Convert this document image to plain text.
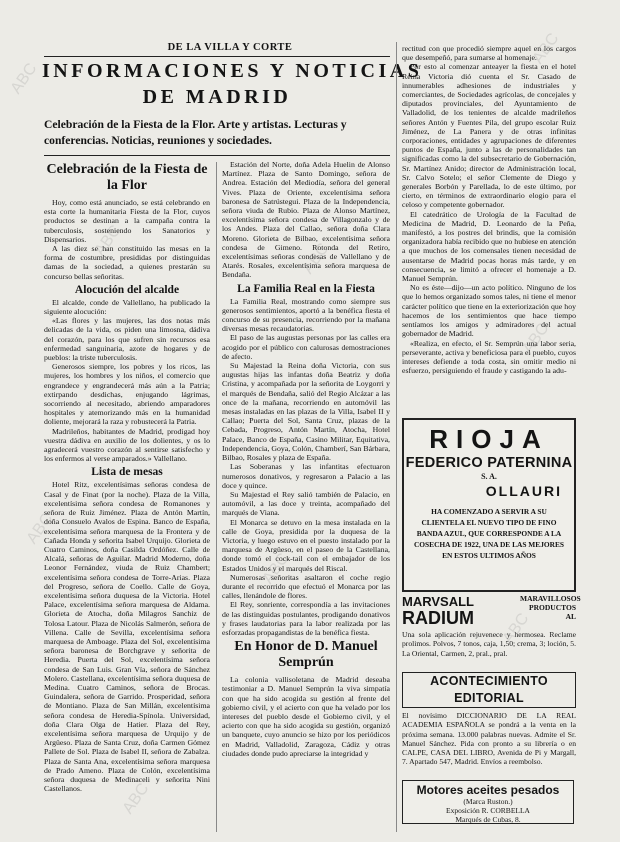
DE LA VILLA Y CORTE
INFORMACIONES Y NOTICIAS
DE MADRID
Celebración de la Fiesta de la Flor. Arte y artistas. Lecturas y conferencias. Noticias, reuniones y sociedades.
Celebración de la Fiesta de la Flor

Hoy, como está anunciado, se está celebrando en esta corte la humanitaria Fiesta de la Flor, cuyos productos se destinan a la campaña contra la tuberculosis, sosteniendo los Sanatorios y Dispensarios.

A las diez se han constituido las mesas en la forma de costumbre, presididas por distinguidas damas de la sociedad, a quienes prestarán su concurso bellas señoritas.

Alocución del alcalde

El alcalde, conde de Vallellano, ha publicado la siguiente alocución:

«Las flores y las mujeres, las dos notas más delicadas de la vida, os piden una limosna, dádiva del corazón, para los que sufren sin recursos esa enfermedad sanguinaria, azote de hogares y de pueblos: la triste tuberculosis.

Generosos siempre, los pobres y los ricos, las mujeres, los hombres y los niños, el comercio que engrandece y engrandecerá más aún a la Patria; extirpando desdichas, enjugando lágrimas, socorriendo al necesitado, abriendo amparadores hospitales y atemorizando más en la humanidad doliente, mejorará la raza y robustecerá la Patria.

Madrileños, habitantes de Madrid, prodigad hoy vuestra dádiva en auxilio de los dolientes, y os lo agradecerá vuestro corazón al sentirse satisfecho y los enfermos al verse amparados.» Vallellano.

Lista de mesas

Hotel Ritz, excelentísimas señoras condesa de Casal y de Finat (por la noche). Plaza de la Villa, excelentísima señora condesa de Romanones y señora de Ruiz Jiménez. Plaza de Antón Martín, doña Consuelo Avalos de Espina. Banco de España, excelentísima señora marquesa de la Frontera y de Cañada Honda y señorita Isabel Urquijo. Glorieta de Cuatro Caminos, doña Casilda Ordóñez. Calle de Alcalá, señoras de Aguilar. Madrid Moderno, doña Leonor Fernández, viuda de Ruiz Chambert; excelentísima señora condesa de Torre-Arias. Plaza del Progreso, señora de Coello. Calle de Goya, excelentísima señora duquesa de la Victoria. Hotel Palace, excelentísima señora marquesa de Aldama. Glorieta de Atocha, doña Milagros Sanchiz de Tolosa Latour. Plaza de Nicolás Salmerón, señora de Villena. Calle de Sevilla, excelentísima señora marquesa de Amboage. Plaza del Sol, excelentísima señora baronesa de Borchgrave y señorita de Heredia. Puerta del Sol, excelentísima señora condesa de San Luis. Gran Vía, señora de Sánchez Molero. Castellana, excelentísima señora duquesa de Medina. Cuatro Caminos, señora de Brocas. Guindalera, señora de Garrido. Prosperidad, señora de Montiano. Plaza de San Millán, excelentísima señora condesa de Heredia-Spínola. Universidad, doña Clara Olga de Hatier. Plaza del Rey, excelentísima señora marquesa de Urquijo y de Argüeso. Plaza de Santa Cruz, doña Carmen Gómez Pallete de Sol. Plaza de Isabel II, señora de Zabalza. Plaza de Santa Ana, excelentísima señora marquesa de Prado Ameno. Plaza de Colón, excelentísima señora duquesa de Medinaceli y señorita Nini Castellanos.

Estación del Norte, doña Adela Huelin de Alonso Martínez. Plaza de Santo Domingo, señora de Andrea. Estación del Mediodía, señora del general Vives. Plaza de Oriente, excelentísima señora baronesa de Satrústegui. Plaza de la Independencia, señora viuda de Rubio. Plaza de Alonso Martínez, excelentísima señora condesa de Villagonzalo y de los Andes. Plaza del Callao, señora doña Clara Moreno. Glorieta de Bilbao, excelentísima señora condesa de Gimeno. Rotonda del Retiro, excelentísimas señoras condesas de Vallellano y de Atarés. Rosales, excelentísima señora marquesa de Bendaña.

La Familia Real en la Fiesta

La Familia Real, mostrando como siempre sus generosos sentimientos, aportó a la benéfica fiesta el concurso de su presencia, recorriendo por la mañana diversas mesas recaudatorias.

El paso de las augustas personas por las calles era acogido por el público con calurosas demostraciones de afecto.

Su Majestad la Reina doña Victoria, con sus augustas hijas las infantas doña Beatriz y doña Cristina, y acompañada por la señorita de Loygorri y el marqués de Bendaña, salió del Regio Alcázar a las once de la mañana, recorriendo en automóvil las mesas instaladas en las plazas de la Villa, Isabel II y Callao; Puerta del Sol, Santa Cruz, plazas de la Cebada, Progreso, Antón Martín, Atocha, Hotel Palace, Banco de España, Casino Militar, Equitativa, Independencia, Goya, Colón, Chamberí, San Bárbara, Bilbao, Rosales y plaza de España.

Las Soberanas y las infantitas efectuaron numerosos donativos, y regresaron a Palacio a las doce y quince.

Su Majestad el Rey salió también de Palacio, en automóvil, a las doce y treinta, acompañado del marqués de Viana.

El Monarca se detuvo en la mesa instalada en la calle de Goya, presidida por la duquesa de la Victoria, y luego estuvo en el puesto instalado por la marquesa de Argüeso, en el paseo de la Castellana, donde tomó el cock-tail con el embajador de los Estados Unidos y el marqués del Riscal.

Numerosas señoritas asaltaron el coche regio durante el recorrido que efectuó el Monarca por las calles, llenándole de flores.

El Rey, sonriente, correspondía a las invitaciones de las distinguidas postulantes, prodigando donativos y frases laudatorias para la labor realizada por las esforzadas propagandistas de la benéfica fiesta.

En Honor de D. Manuel Semprún

La colonia vallisoletana de Madrid deseaba testimoniar a D. Manuel Semprún la viva simpatía con que ha sido acogida su gestión al frente del gobierno civil, y el acierto con que ha velado por los intereses del pueblo desde el Gobierno civil, y el acierto con que ha sido acogida su gestión, organizó un banquete, cuyo anuncio se hizo por los periódicos en Madrid, Valladolid, Zaragoza, Cádiz y otras ciudades donde pudo apreciarse la integridad y

rectitud con que procedió siempre aquel en los cargos que desempeñó, para sumarse al homenaje.

Por esto al comenzar anteayer la fiesta en el hotel Reina Victoria dió cuenta el Sr. Casado de innumerables adhesiones de industriales y comerciantes, de Sociedades agrícolas, de concejales y diputados provinciales, del Ayuntamiento de Valladolid, de los tenientes de alcalde madrileños señores Antón y Fuentes Pila, del grupo escolar Ruiz Jiménez, de La Panera y de otras infinitas corporaciones, entidades y agrupaciones de diferentes puntos de España, junto a las de personalidades tan significadas como la del subsecretario de Gobernación, Sr. Martínez Anido; director de Administración local, Sr. Calvo Sotelo; el señor Clemente de Diego y generales Borbón y Parellada, lo de este último, por cierto, en términos de extraordinario elogio para el celoso y competente gobernador.

El catedrático de Urología de la Facultad de Medicina de Madrid, D. Leonardo de la Peña, manifestó, a los postres del brindis, que la comisión organizadora había recibido que no hubiese en atención a que muchos de los comensales tienen necesidad de ausentarse de Madrid pocas horas más tarde, y en consecuencia, se limitó a ofrecer el homenaje a D. Manuel Semprún.

No es éste—dijo—un acto político. Ninguno de los que lo hemos organizado somos tales, ni tiene el menor carácter político que tiene en la exteriorización que hoy hacemos de los sentimientos que hace tiempo sentíamos los amigos y admiradores del actual gobernador de Madrid.

«Realiza, en efecto, el Sr. Semprún una labor seria, perseverante, activa y beneficiosa para el pueblo, cuyos intereses defiende a toda costa, sin omitir medio ni esfuerzo, persiguiendo el fraude y castigando la adu-

RIOJA
FEDERICO PATERNINA
S. A.
OLLAURI
HA COMENZADO A SERVIR A SU CLIENTELA EL NUEVO TIPO DE FINO BANDA AZUL, QUE CORRESPONDE A LA COSECHA DE 1922, UNA DE LAS MEJORES EN ESTOS ULTIMOS AÑOS
MARVSALL  RADIUM
MARAVILLOSOS PRODUCTOS AL
Una sola aplicación rejuvenece y hermosea. Reclame prolimos. Polvos, 7 tonos, caja, 1,50; crema, 3; loción, 5. La Oriental, Carmen, 2, pral., pral.
ACONTECIMIENTO EDITORIAL
El novísimo DICCIONARIO DE LA REAL ACADEMIA ESPAÑOLA se pondrá a la venta en la próxima semana. 13.000 palabras nuevas. Admite el Sr. Manuel Sánchez. Pida con pronto a su librería o en CALPE, CASA DEL LIBRO, Avenida de Pi y Margall, 7. Apartado 547, Madrid. Envíos a reembolso.
Motores aceites pesados
(Marca Ruston.)
Exposición R. CORBELLA
Marqués de Cubas, 8.
ABC
ABC
ABC
ABC
ABC
ABC
ABC
ABC
ABC
